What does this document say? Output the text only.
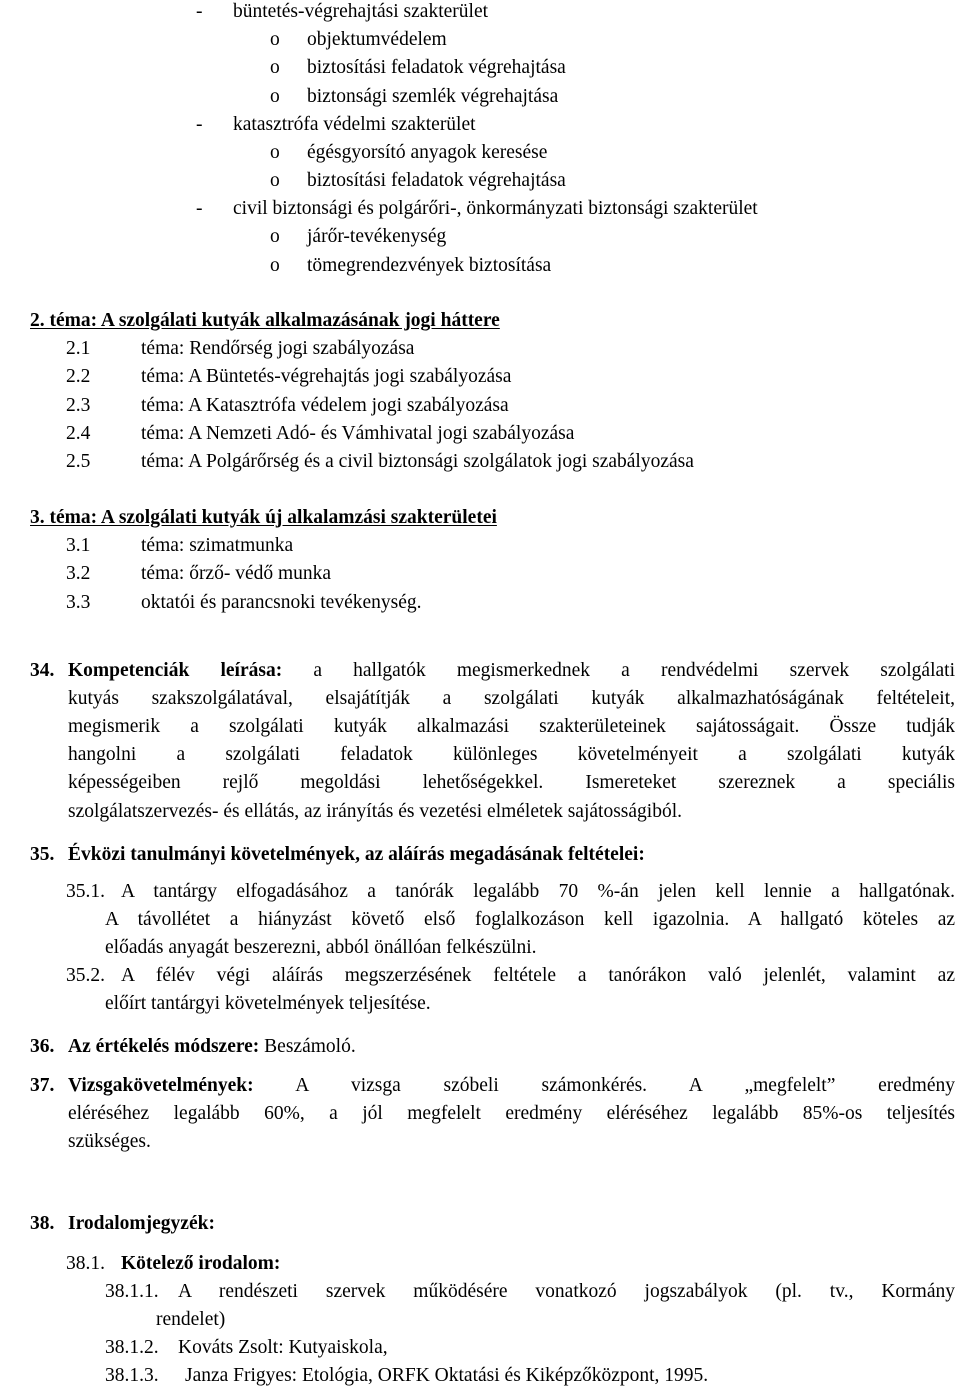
- büntetés-végrehajtási szakterület
o objektumvédelem
o biztosítási feladatok végrehajtása
o biztonsági szemlék végrehajtása
- katasztrófa védelmi szakterület
o égésgyorsító anyagok keresése
o biztosítási feladatok végrehajtása
- civil biztonsági és polgárőri-, önkormányzati biztonsági szakterület
o járőr-tevékenység
o tömegrendezvények biztosítása
2. téma: A szolgálati kutyák alkalmazásának jogi háttere
2.1	téma: Rendőrség jogi szabályozása
2.2	téma: A Büntetés-végrehajtás jogi szabályozása
2.3	téma: A Katasztrófa védelem jogi szabályozása
2.4	téma: A Nemzeti Adó- és Vámhivatal jogi szabályozása
2.5	téma: A Polgárőrség és a civil biztonsági szolgálatok jogi szabályozása
3. téma: A szolgálati kutyák új alkalamzási szakterületei
3.1	téma: szimatmunka
3.2	téma: őrző- védő munka
3.3	oktatói és parancsnoki tevékenység.
34. Kompetenciák leírása: a hallgatók megismerkednek a rendvédelmi szervek szolgálati
kutyás szakszolgálatával, elsajátítják a szolgálati kutyák alkalmazhatóságának feltételeit,
megismerik a szolgálati kutyák alkalmazási szakterületeinek sajátosságait. Össze tudják
hangolni a szolgálati feladatok különleges követelményeit a szolgálati kutyák
képességeiben rejlő megoldási lehetőségekkel. Ismereteket szereznek a speciális
szolgálatszervezés- és ellátás, az irányítás és vezetési elméletek sajátosságiból.
35. Évközi tanulmányi követelmények, az aláírás megadásának feltételei:
35.1. A tantárgy elfogadásához a tanórák legalább 70 %-án jelen kell lennie a hallgatónak.
A távollétet a hiányzást követő első foglalkozáson kell igazolnia. A hallgató köteles az
előadás anyagát beszerezni, abból önállóan felkészülni.
35.2. A félév végi aláírás megszerzésének feltétele a tanórákon való jelenlét, valamint az
előírt tantárgyi követelmények teljesítése.
36. Az értékelés módszere: Beszámoló.
37. Vizsgakövetelmények: A vizsga szóbeli számonkérés. A „megfelelt” eredmény
eléréséhez legalább 60%, a jól megfelelt eredmény eléréséhez legalább 85%-os teljesítés
szükséges.
38. Irodalomjegyzék:
38.1. Kötelező irodalom:
38.1.1. A rendészeti szervek működésére vonatkozó jogszabályok (pl. tv., Kormány
rendelet)
38.1.2. Kováts Zsolt: Kutyaiskola,
38.1.3. Janza Frigyes: Etológia, ORFK Oktatási és Kiképzőközpont, 1995.
